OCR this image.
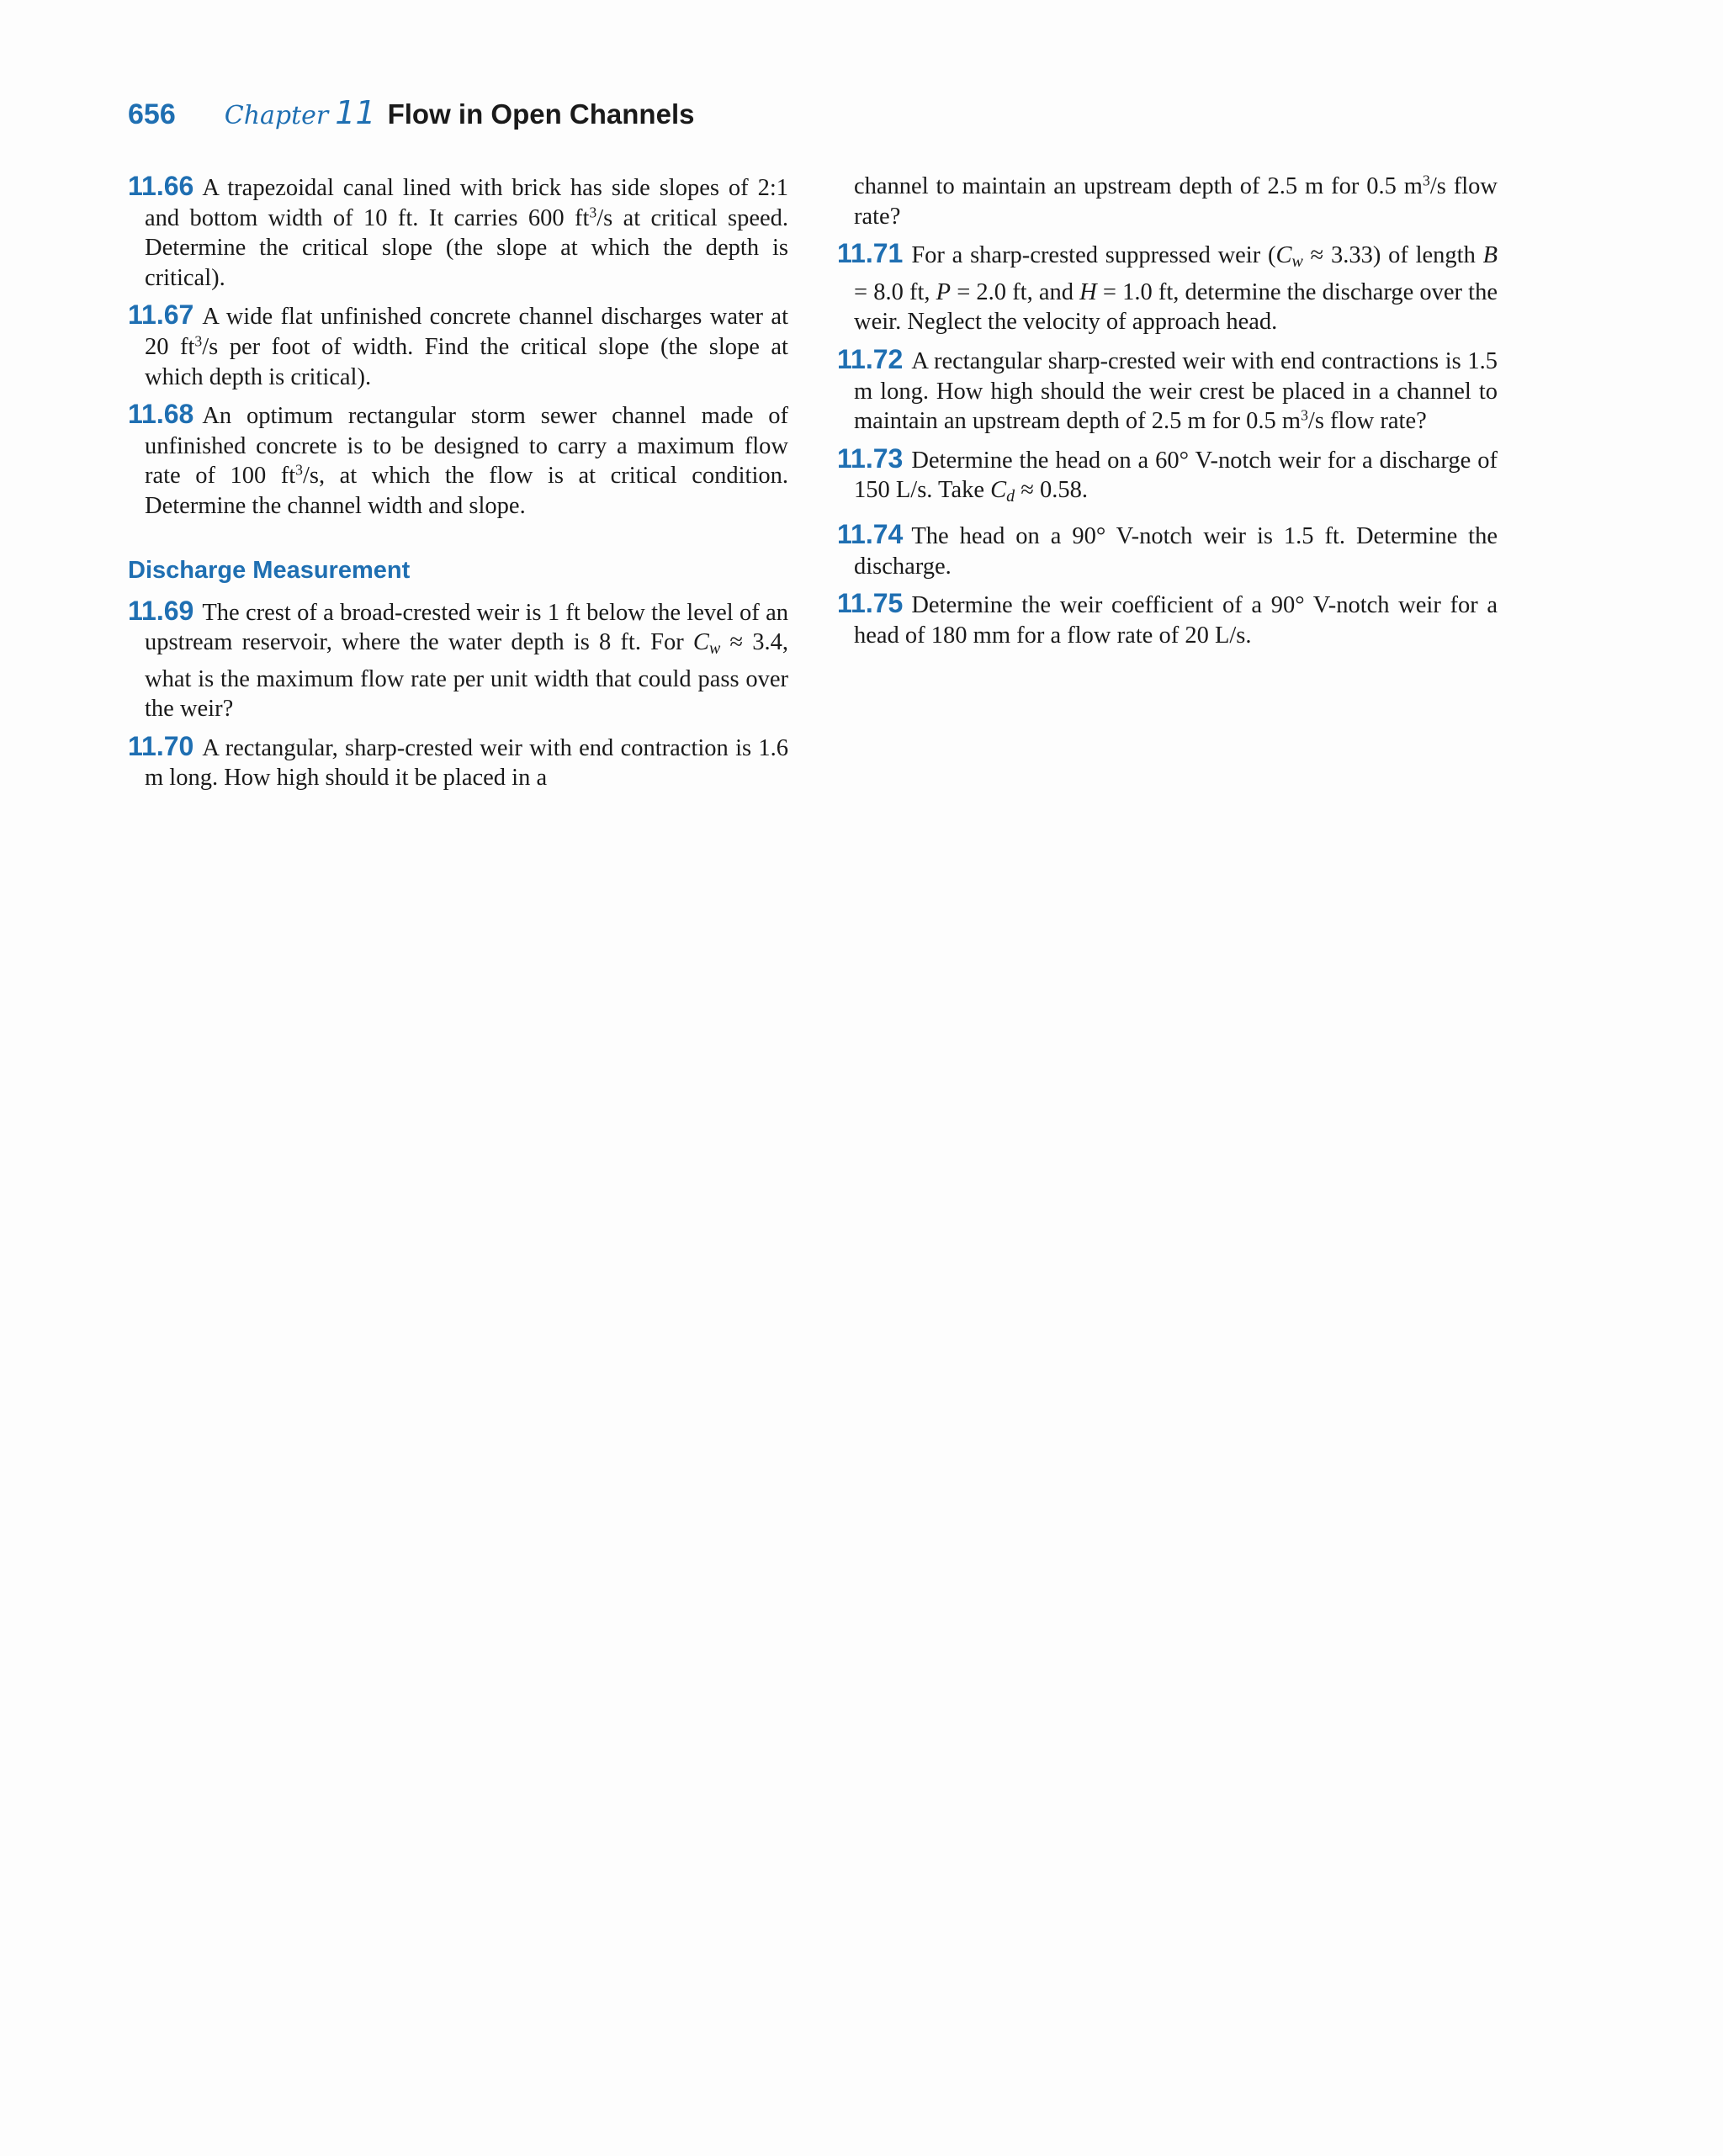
656 Chapter 11 Flow in Open Channels

11.66 A trapezoidal canal lined with brick has side slopes of 2:1 and bottom width of 10 ft. It carries 600 $ft^3/s$ at critical speed. Determine the critical slope (the slope at which the depth is critical).

11.67 A wide flat unfinished concrete channel discharges water at 20 $ft^3/s$ per foot of width. Find the critical slope (the slope at which depth is critical).

11.68 An optimum rectangular storm sewer channel made of unfinished concrete is to be designed to carry a maximum flow rate of 100 $ft^3/s$, at which the flow is at critical condition. Determine the channel width and slope.

Discharge Measurement

11.69 The crest of a broad-crested weir is 1 ft below the level of an upstream reservoir, where the water depth is 8 ft. For $C_w \approx 3.4$, what is the maximum flow rate per unit width that could pass over the weir?

11.70 A rectangular, sharp-crested weir with end contraction is 1.6 m long. How high should it be placed in a

channel to maintain an upstream depth of 2.5 m for 0.5 $m^3/s$ flow rate?

11.71 For a sharp-crested suppressed weir $(C_w \approx 3.33)$ of length B = 8.0 ft, P = 2.0 ft, and H = 1.0 ft, determine the discharge over the weir. Neglect the velocity of approach head.

11.72 A rectangular sharp-crested weir with end contractions is 1.5 m long. How high should the weir crest be placed in a channel to maintain an upstream depth of 2.5 m for 0.5 $m^3/s$ flow rate?

11.73 Determine the head on a 60° V-notch weir for a discharge of 150 L/s. Take $C_d \approx 0.58$.

11.74 The head on a 90° V-notch weir is 1.5 ft. Determine the discharge.

11.75 Determine the weir coefficient of a 90° V-notch weir for a head of 180 mm for a flow rate of 20 L/s.
